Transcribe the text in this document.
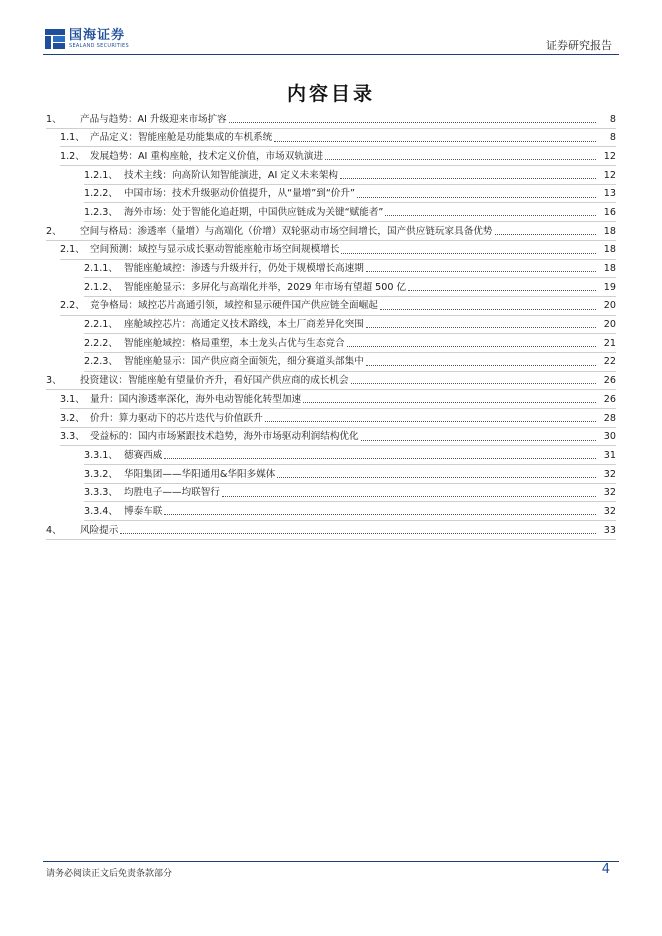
国海证券
SEALAND SECURITIES	证券研究报告
内容目录
1、	产品与趋势：AI 升级迎来市场扩容	8
1.1、 产品定义：智能座舱是功能集成的车机系统	8
1.2、 发展趋势：AI 重构座舱，技术定义价值，市场双轨演进	12
1.2.1、 技术主线：向高阶认知智能演进，AI 定义未来架构	12
1.2.2、 中国市场：技术升级驱动价值提升，从“量增”到“价升”	13
1.2.3、 海外市场：处于智能化追赶期，中国供应链成为关键“赋能者”	16
2、	空间与格局：渗透率（量增）与高端化（价增）双轮驱动市场空间增长，国产供应链玩家具备优势	18
2.1、 空间预测：域控与显示成长驱动智能座舱市场空间规模增长	18
2.1.1、 智能座舱域控：渗透与升级并行，仍处于规模增长高速期	18
2.1.2、 智能座舱显示：多屏化与高端化并举，2029 年市场有望超 500 亿	19
2.2、 竞争格局：域控芯片高通引领，域控和显示硬件国产供应链全面崛起	20
2.2.1、 座舱域控芯片：高通定义技术路线，本土厂商差异化突围	20
2.2.2、 智能座舱域控：格局重塑，本土龙头占优与生态竞合	21
2.2.3、 智能座舱显示：国产供应商全面领先，细分赛道头部集中	22
3、	投资建议：智能座舱有望量价齐升，看好国产供应商的成长机会	26
3.1、 量升：国内渗透率深化，海外电动智能化转型加速	26
3.2、 价升：算力驱动下的芯片迭代与价值跃升	28
3.3、 受益标的：国内市场紧跟技术趋势，海外市场驱动利润结构优化	30
3.3.1、 德赛西威	31
3.3.2、 华阳集团——华阳通用&华阳多媒体	32
3.3.3、 均胜电子——均联智行	32
3.3.4、 博泰车联	32
4、	风险提示	33
请务必阅读正文后免责条款部分	4
